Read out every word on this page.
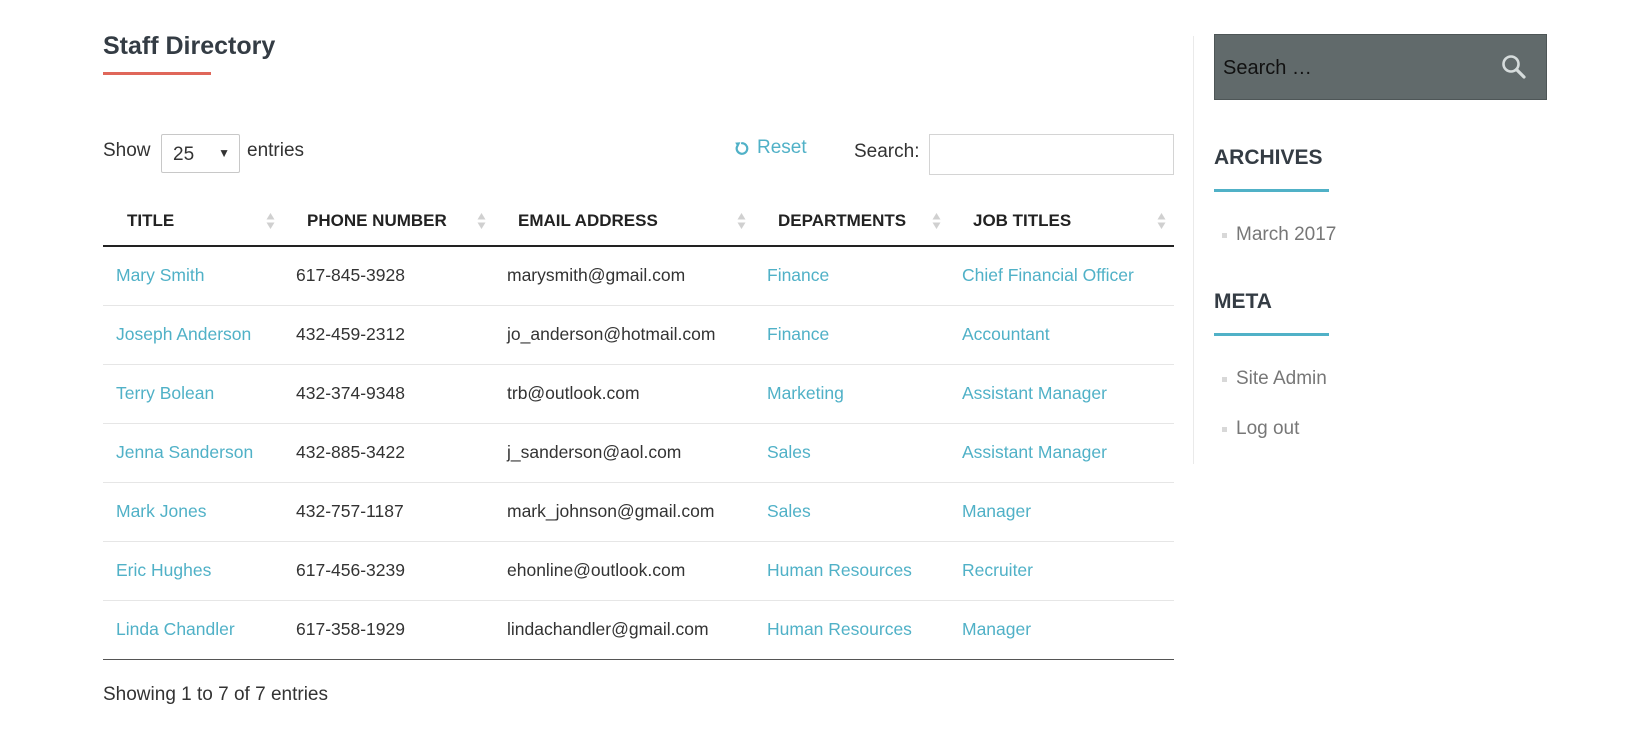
Staff Directory
Show 25 ▼ entries	Reset Search:
TITLE	PHONE NUMBER	EMAIL ADDRESS	DEPARTMENTS	JOB TITLES

Mary Smith	617-845-3928	marysmith@gmail.com	Finance	Chief Financial Officer
Joseph Anderson	432-459-2312	jo_anderson@hotmail.com	Finance	Accountant
Terry Bolean	432-374-9348	trb@outlook.com	Marketing	Assistant Manager
Jenna Sanderson	432-885-3422	j_sanderson@aol.com	Sales	Assistant Manager
Mark Jones	432-757-1187	mark_johnson@gmail.com	Sales	Manager
Eric Hughes	617-456-3239	ehonline@outlook.com	Human Resources	Recruiter
Linda Chandler	617-358-1929	lindachandler@gmail.com	Human Resources	Manager
Showing 1 to 7 of 7 entries
Search …
ARCHIVES
March 2017
META
Site Admin
Log out
